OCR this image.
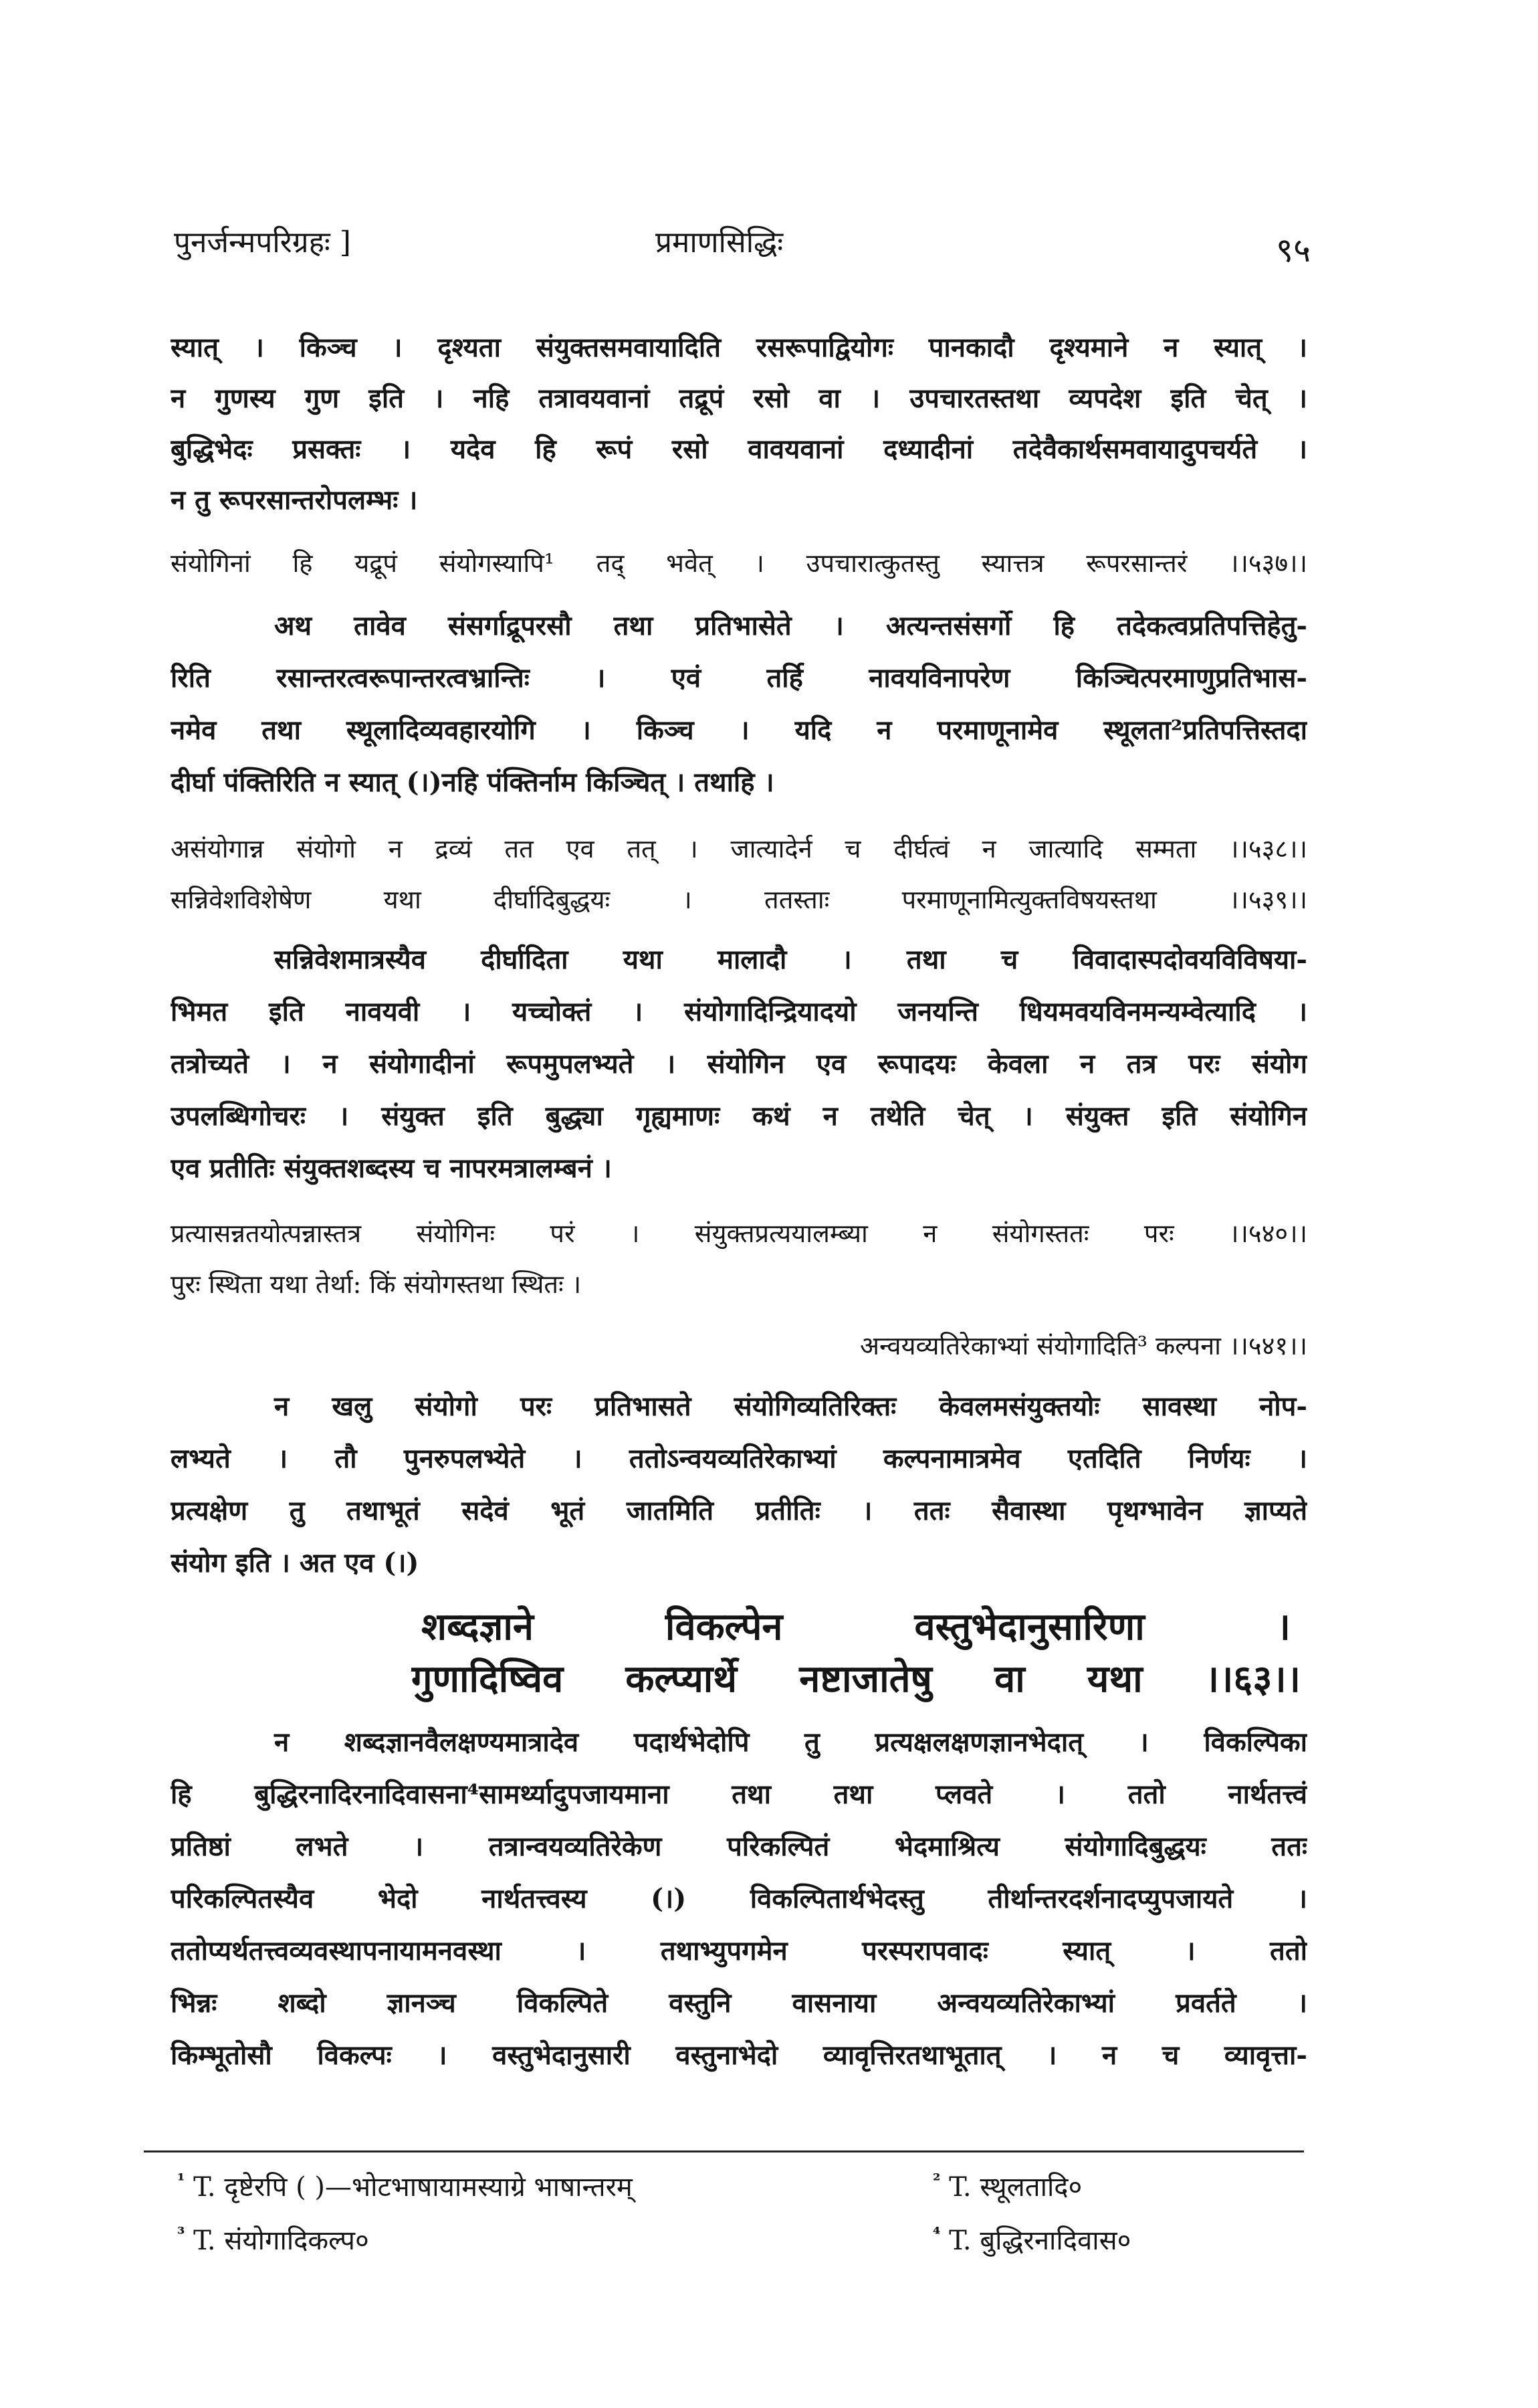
पुनर्जन्मपरिग्रहः ]	प्रमाणसिद्धिः	९५
स्यात् । किञ्च । दृश्यता संयुक्तसमवायादिति रसरूपाद्वियोगः पानकादौ दृश्यमाने न स्यात् ।
न गुणस्य गुण इति । नहि तत्रावयवानां तद्रूपं रसो वा । उपचारतस्तथा व्यपदेश इति चेत् ।
बुद्धिभेदः प्रसक्तः । यदेव हि रूपं रसो वावयवानां दध्यादीनां तदेवैकार्थसमवायादुपचर्यते ।
न तु रूपरसान्तरोपलम्भः ।
संयोगिनां हि यद्रूपं संयोगस्यापि¹ तद् भवेत् । उपचारात्कुतस्तु स्यात्तत्र रूपरसान्तरं ।।५३७।।
अथ तावेव संसर्गाद्रूपरसौ तथा प्रतिभासेते । अत्यन्तसंसर्गो हि तदेकत्वप्रतिपत्तिहेतु-
रिति रसान्तरत्वरूपान्तरत्वभ्रान्तिः । एवं तर्हि नावयविनापरेण किञ्चित्परमाणुप्रतिभास-
नमेव तथा स्थूलादिव्यवहारयोगि । किञ्च । यदि न परमाणूनामेव स्थूलता²प्रतिपत्तिस्तदा
दीर्घा पंक्तिरिति न स्यात् (।)नहि पंक्तिर्नाम किञ्चित् । तथाहि ।
असंयोगान्न संयोगो न द्रव्यं तत एव तत् । जात्यादेर्न च दीर्घत्वं न जात्यादि सम्मता ।।५३८।।
सन्निवेशविशेषेण यथा दीर्घादिबुद्धयः । ततस्ताः परमाणूनामित्युक्तविषयस्तथा ।।५३९।।
सन्निवेशमात्रस्यैव दीर्घादिता यथा मालादौ । तथा च विवादास्पदोवयविविषया-
भिमत इति नावयवी । यच्चोक्तं । संयोगादिन्द्रियादयो जनयन्ति धियमवयविनमन्यम्वेत्यादि ।
तत्रोच्यते । न संयोगादीनां रूपमुपलभ्यते । संयोगिन एव रूपादयः केवला न तत्र परः संयोग
उपलब्धिगोचरः । संयुक्त इति बुद्ध्या गृह्यमाणः कथं न तथेति चेत् । संयुक्त इति संयोगिन
एव प्रतीतिः संयुक्तशब्दस्य च नापरमत्रालम्बनं ।
प्रत्यासन्नतयोत्पन्नास्तत्र संयोगिनः परं । संयुक्तप्रत्ययालम्ब्या न संयोगस्ततः परः ।।५४०।।
पुरः स्थिता यथा तेर्था: किं संयोगस्तथा स्थितः ।
अन्वयव्यतिरेकाभ्यां संयोगादिति³ कल्पना ।।५४१।।
न खलु संयोगो परः प्रतिभासते संयोगिव्यतिरिक्तः केवलमसंयुक्तयोः सावस्था नोप-
लभ्यते । तौ पुनरुपलभ्येते । ततोऽन्वयव्यतिरेकाभ्यां कल्पनामात्रमेव एतदिति निर्णयः ।
प्रत्यक्षेण तु तथाभूतं सदेवं भूतं जातमिति प्रतीतिः । ततः सैवास्था पृथग्भावेन ज्ञाप्यते
संयोग इति । अत एव (।)
शब्दज्ञाने विकल्पेन वस्तुभेदानुसारिणा ।
गुणादिष्विव कल्प्यार्थे नष्टाजातेषु वा यथा ।।६३।।
न शब्दज्ञानवैलक्षण्यमात्रादेव पदार्थभेदोपि तु प्रत्यक्षलक्षणज्ञानभेदात् । विकल्पिका
हि बुद्धिरनादिरनादिवासना⁴सामर्थ्यादुपजायमाना तथा तथा प्लवते । ततो नार्थतत्त्वं
प्रतिष्ठां लभते । तत्रान्वयव्यतिरेकेण परिकल्पितं भेदमाश्रित्य संयोगादिबुद्धयः ततः
परिकल्पितस्यैव भेदो नार्थतत्त्वस्य (।) विकल्पितार्थभेदस्तु तीर्थान्तरदर्शनादप्युपजायते ।
ततोप्यर्थतत्त्वव्यवस्थापनायामनवस्था । तथाभ्युपगमेन परस्परापवादः स्यात् । ततो
भिन्नः शब्दो ज्ञानञ्च विकल्पिते वस्तुनि वासनाया अन्वयव्यतिरेकाभ्यां प्रवर्तते ।
किम्भूतोसौ विकल्पः । वस्तुभेदानुसारी वस्तुनाभेदो व्यावृत्तिरतथाभूतात् । न च व्यावृत्ता-
$^{^1}$ T. दृष्टेरपि ( )—भोटभाषायामस्याग्रे भाषान्तरम्	$^{^2}$ T. स्थूलतादि०
$^{^3}$ T. संयोगादिकल्प०	$^{^4}$ T. बुद्धिरनादिवास०
